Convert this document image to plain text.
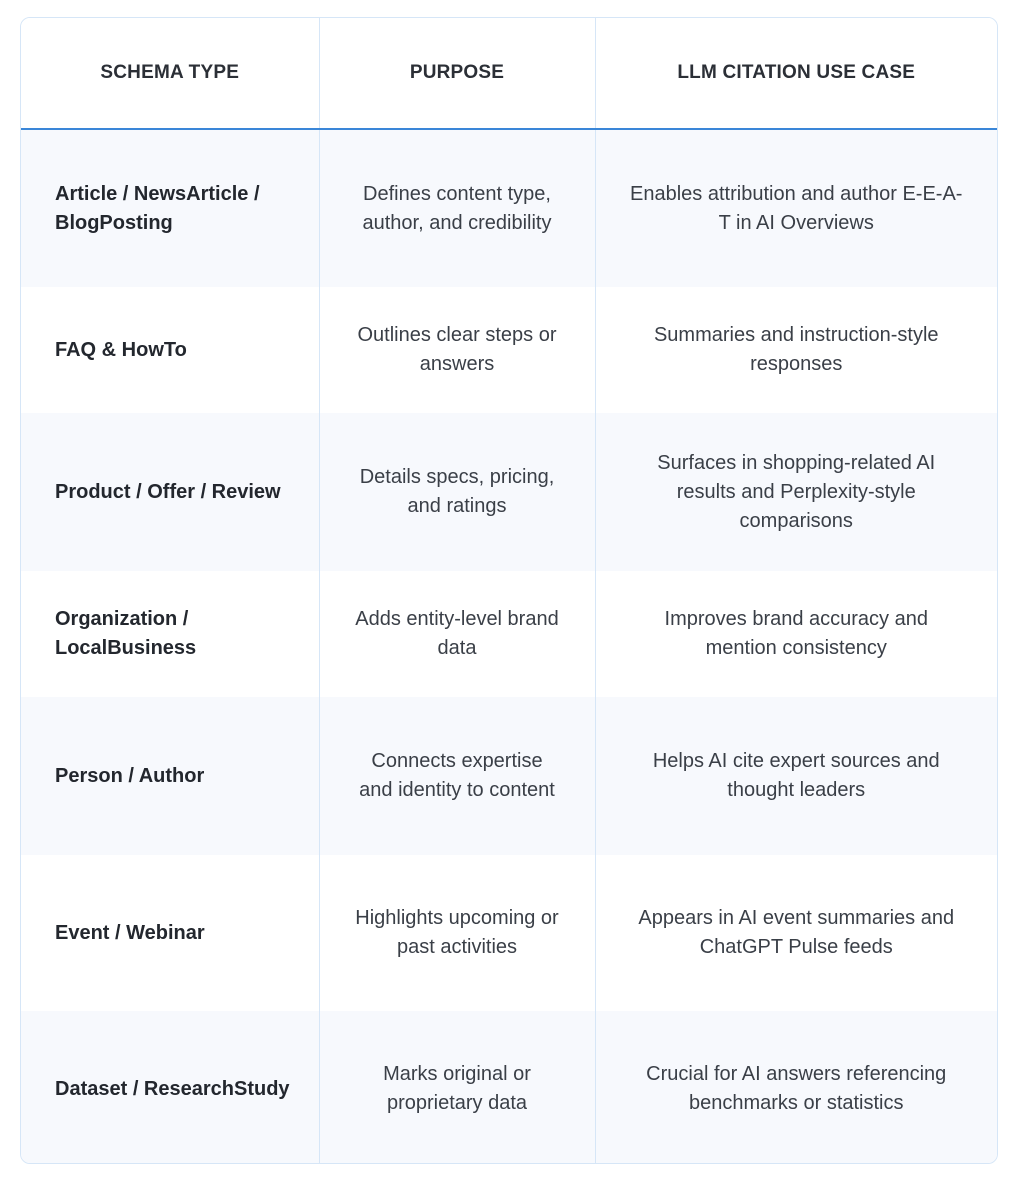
SCHEMA TYPE	PURPOSE	LLM CITATION USE CASE
Article / NewsArticle / BlogPosting	Defines content type, author, and credibility	Enables attribution and author E-E-A-T in AI Overviews
FAQ & HowTo	Outlines clear steps or answers	Summaries and instruction-style responses
Product / Offer / Review	Details specs, pricing, and ratings	Surfaces in shopping-related AI results and Perplexity-style comparisons
Organization / LocalBusiness	Adds entity-level brand data	Improves brand accuracy and mention consistency
Person / Author	Connects expertise and identity to content	Helps AI cite expert sources and thought leaders
Event / Webinar	Highlights upcoming or past activities	Appears in AI event summaries and ChatGPT Pulse feeds
Dataset / ResearchStudy	Marks original or proprietary data	Crucial for AI answers referencing benchmarks or statistics
